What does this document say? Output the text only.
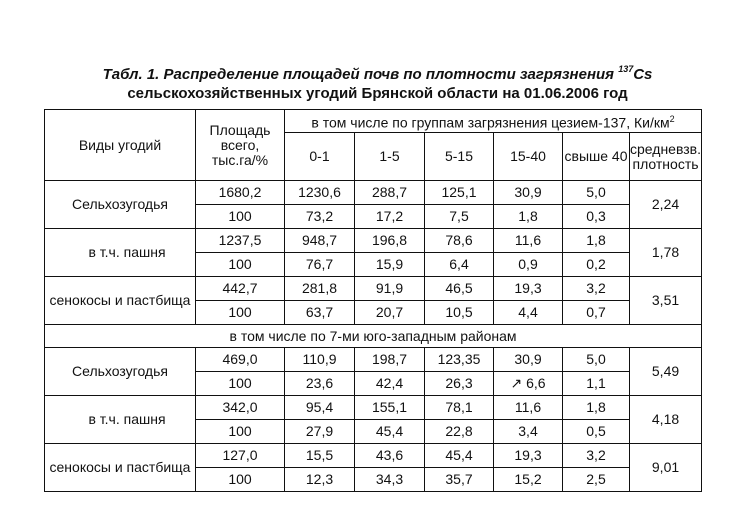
Табл. 1. Распределение площадей почв по плотности загрязнения $^{137}$Cs
сельскохозяйственных угодий Брянской области на 01.06.2006 год
Виды угодий	Площадь всего, тыс.га/%	в том числе по группам загрязнения цезием-137, $Ки/км^2$
		0-1	1-5	5-15	15-40	свыше 40	средневзв. плотность
Сельхозугодья	1680,2	1230,6	288,7	125,1	30,9	5,0	2,24
	100	73,2	17,2	7,5	1,8	0,3	
в т.ч. пашня	1237,5	948,7	196,8	78,6	11,6	1,8	1,78
	100	76,7	15,9	6,4	0,9	0,2	
сенокосы и пастбища	442,7	281,8	91,9	46,5	19,3	3,2	3,51
	100	63,7	20,7	10,5	4,4	0,7	
в том числе по 7-ми юго-западным районам							
Сельхозугодья	469,0	110,9	198,7	123,35	30,9	5,0	5,49
	100	23,6	42,4	26,3	↗ 6,6	1,1	
в т.ч. пашня	342,0	95,4	155,1	78,1	11,6	1,8	4,18
	100	27,9	45,4	22,8	3,4	0,5	
сенокосы и пастбища	127,0	15,5	43,6	45,4	19,3	3,2	9,01
	100	12,3	34,3	35,7	15,2	2,5	
